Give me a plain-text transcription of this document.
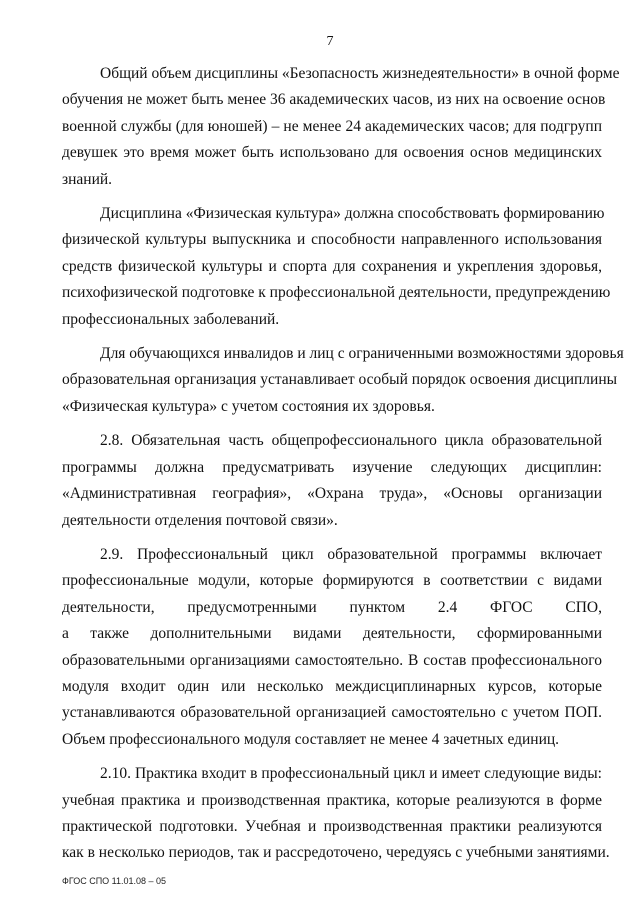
7

Общий объем дисциплины «Безопасность жизнедеятельности» в очной форме
обучения не может быть менее 36 академических часов, из них на освоение основ
военной службы (для юношей) – не менее 24 академических часов; для подгрупп
девушек это время может быть использовано для освоения основ медицинских
знаний.

Дисциплина «Физическая культура» должна способствовать формированию
физической культуры выпускника и способности направленного использования
средств физической культуры и спорта для сохранения и укрепления здоровья,
психофизической подготовке к профессиональной деятельности, предупреждению
профессиональных заболеваний.

Для обучающихся инвалидов и лиц с ограниченными возможностями здоровья
образовательная организация устанавливает особый порядок освоения дисциплины
«Физическая культура» с учетом состояния их здоровья.

2.8. Обязательная часть общепрофессионального цикла образовательной
программы должна предусматривать изучение следующих дисциплин:
«Административная география», «Охрана труда», «Основы организации
деятельности отделения почтовой связи».

2.9. Профессиональный цикл образовательной программы включает
профессиональные модули, которые формируются в соответствии с видами
деятельности, предусмотренными пунктом 2.4 ФГОС СПО,
а также дополнительными видами деятельности, сформированными
образовательными организациями самостоятельно. В состав профессионального
модуля входит один или несколько междисциплинарных курсов, которые
устанавливаются образовательной организацией самостоятельно с учетом ПОП.
Объем профессионального модуля составляет не менее 4 зачетных единиц.

2.10. Практика входит в профессиональный цикл и имеет следующие виды:
учебная практика и производственная практика, которые реализуются в форме
практической подготовки. Учебная и производственная практики реализуются
как в несколько периодов, так и рассредоточено, чередуясь с учебными занятиями.

ФГОС СПО 11.01.08 – 05
